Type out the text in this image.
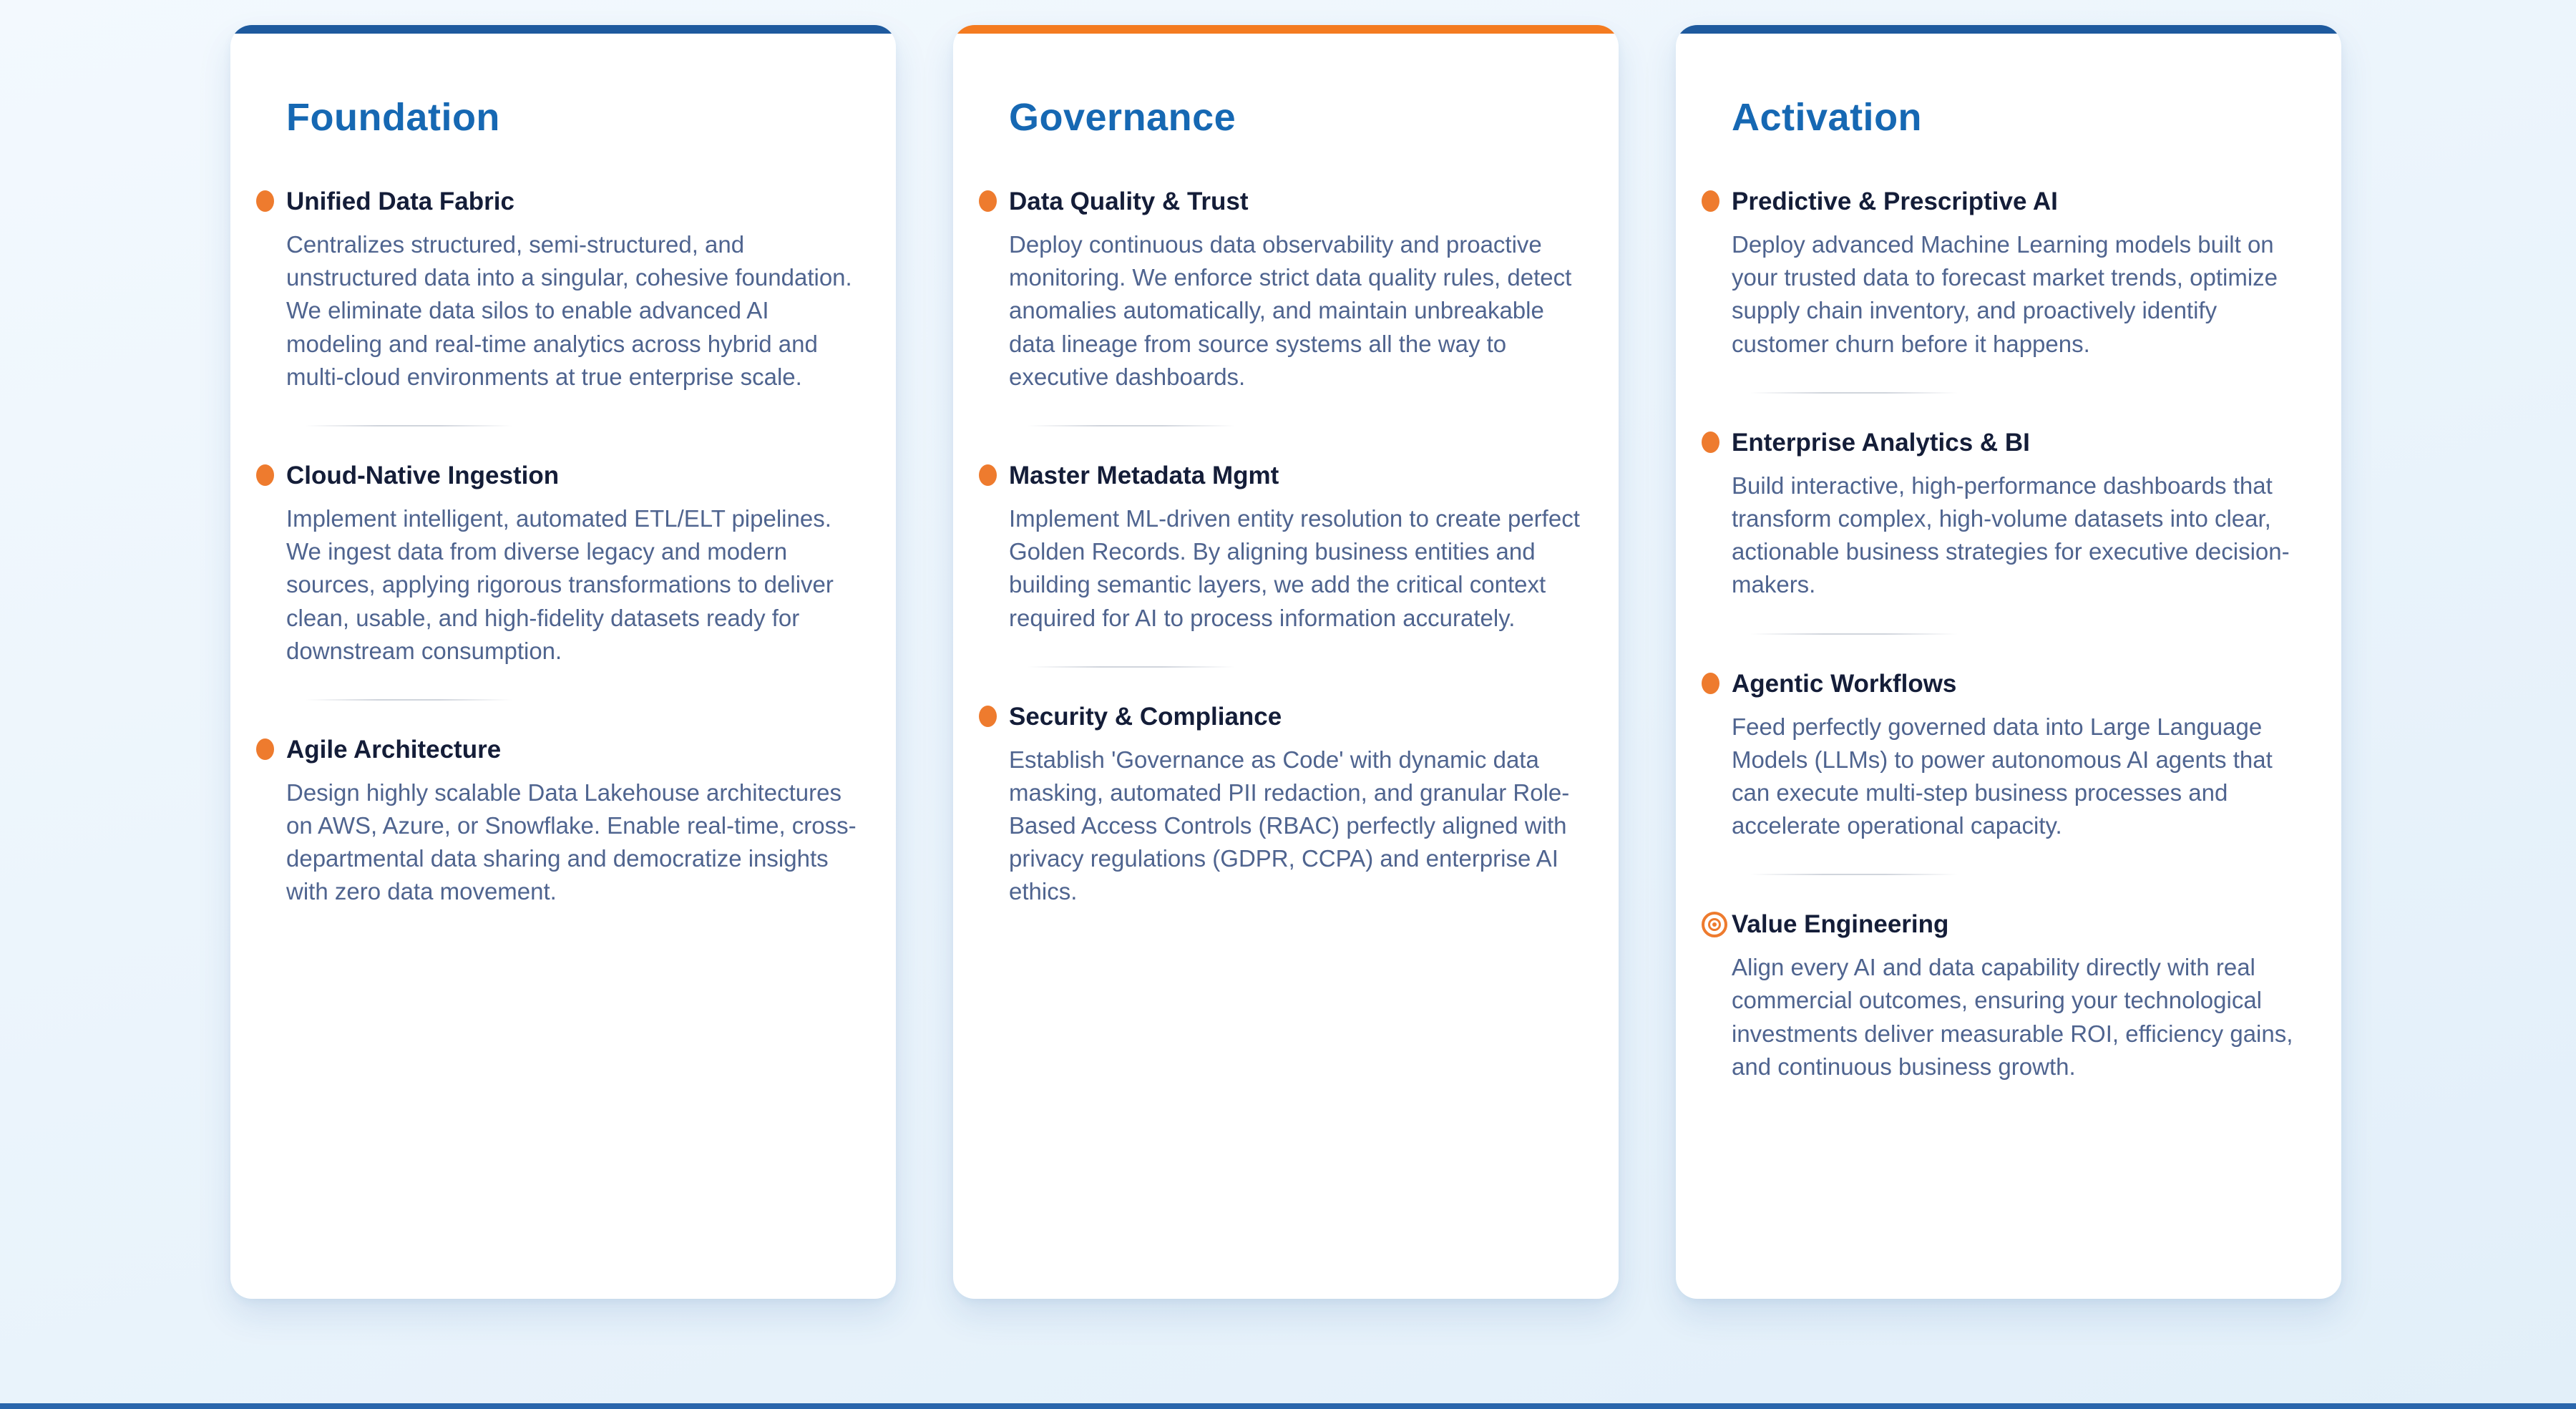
Foundation
Unified Data Fabric

Centralizes structured, semi-structured, and unstructured data into a singular, cohesive foundation. We eliminate data silos to enable advanced AI modeling and real-time analytics across hybrid and multi-cloud environments at true enterprise scale.

Cloud-Native Ingestion

Implement intelligent, automated ETL/ELT pipelines. We ingest data from diverse legacy and modern sources, applying rigorous transformations to deliver clean, usable, and high-fidelity datasets ready for downstream consumption.

Agile Architecture

Design highly scalable Data Lakehouse architectures on AWS, Azure, or Snowflake. Enable real-time, cross-departmental data sharing and democratize insights with zero data movement.

Governance
Data Quality & Trust

Deploy continuous data observability and proactive monitoring. We enforce strict data quality rules, detect anomalies automatically, and maintain unbreakable data lineage from source systems all the way to executive dashboards.

Master Metadata Mgmt

Implement ML-driven entity resolution to create perfect Golden Records. By aligning business entities and building semantic layers, we add the critical context required for AI to process information accurately.

Security & Compliance

Establish 'Governance as Code' with dynamic data masking, automated PII redaction, and granular Role-Based Access Controls (RBAC) perfectly aligned with privacy regulations (GDPR, CCPA) and enterprise AI ethics.

Activation
Predictive & Prescriptive AI

Deploy advanced Machine Learning models built on your trusted data to forecast market trends, optimize supply chain inventory, and proactively identify customer churn before it happens.

Enterprise Analytics & BI

Build interactive, high-performance dashboards that transform complex, high-volume datasets into clear, actionable business strategies for executive decision-makers.

Agentic Workflows

Feed perfectly governed data into Large Language Models (LLMs) to power autonomous AI agents that can execute multi-step business processes and accelerate operational capacity.

Value Engineering

Align every AI and data capability directly with real commercial outcomes, ensuring your technological investments deliver measurable ROI, efficiency gains, and continuous business growth.
